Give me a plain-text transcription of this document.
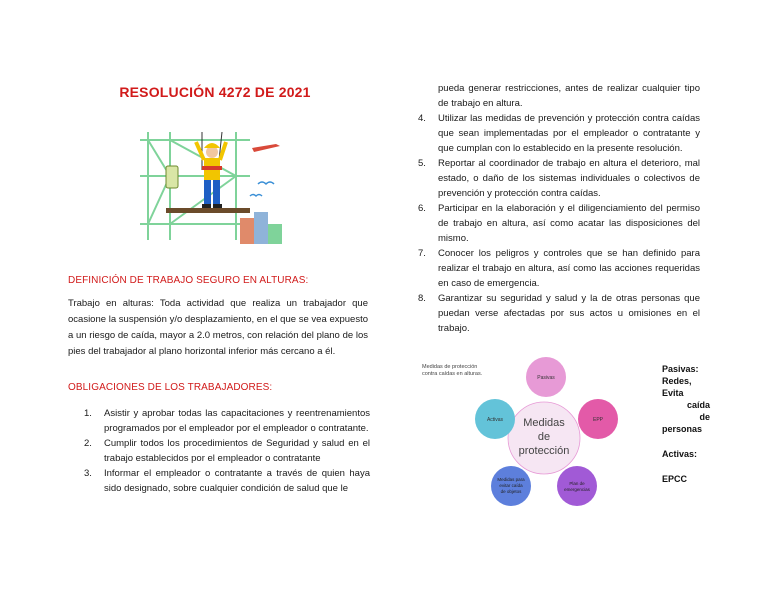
RESOLUCIÓN 4272 DE 2021
DEFINICIÓN DE TRABAJO SEGURO EN ALTURAS:

Trabajo en alturas: Toda actividad que realiza un trabajador que ocasione la suspensión y/o desplazamiento, en el que se vea expuesto a un riesgo de caída, mayor a 2.0 metros, con relación del plano de los pies del trabajador al plano horizontal inferior más cercano a él.

OBLIGACIONES DE LOS TRABAJADORES:
1. Asistir y aprobar todas las capacitaciones y reentrenamientos programados por el empleador por el empleador o contratante.
2. Cumplir todos los procedimientos de Seguridad y salud en el trabajo establecidos por el empleador o contratante
3. Informar el empleador o contratante a través de quien haya sido designado, sobre cualquier condición de salud que le
pueda generar restricciones, antes de realizar cualquier tipo de trabajo en altura.
4. Utilizar las medidas de prevención y protección contra caídas que sean implementadas por el empleador o contratante y que cumplan con lo establecido en la presente resolución.
5. Reportar al coordinador de trabajo en altura el deterioro, mal estado, o daño de los sistemas individuales o colectivos de prevención y protección contra caídas.
6. Participar en la elaboración y el diligenciamiento del permiso de trabajo en altura, así como acatar las disposiciones del mismo.
7. Conocer los peligros y controles que se han definido para realizar el trabajo en altura, así como las acciones requeridas en caso de emergencia.
8. Garantizar su seguridad y salud y la de otras personas que puedan verse afectadas por sus actos u omisiones en el trabajo.
Medidas de protección
contra caídas en alturas.
Medidas
de
protección
Pasivas
EPP
Plan de
emergencias
Medidas para
evitar caída
de objetos
Activas
Pasivas:
Redes,
Evita
caída
de
personas
Activas:
EPCC
